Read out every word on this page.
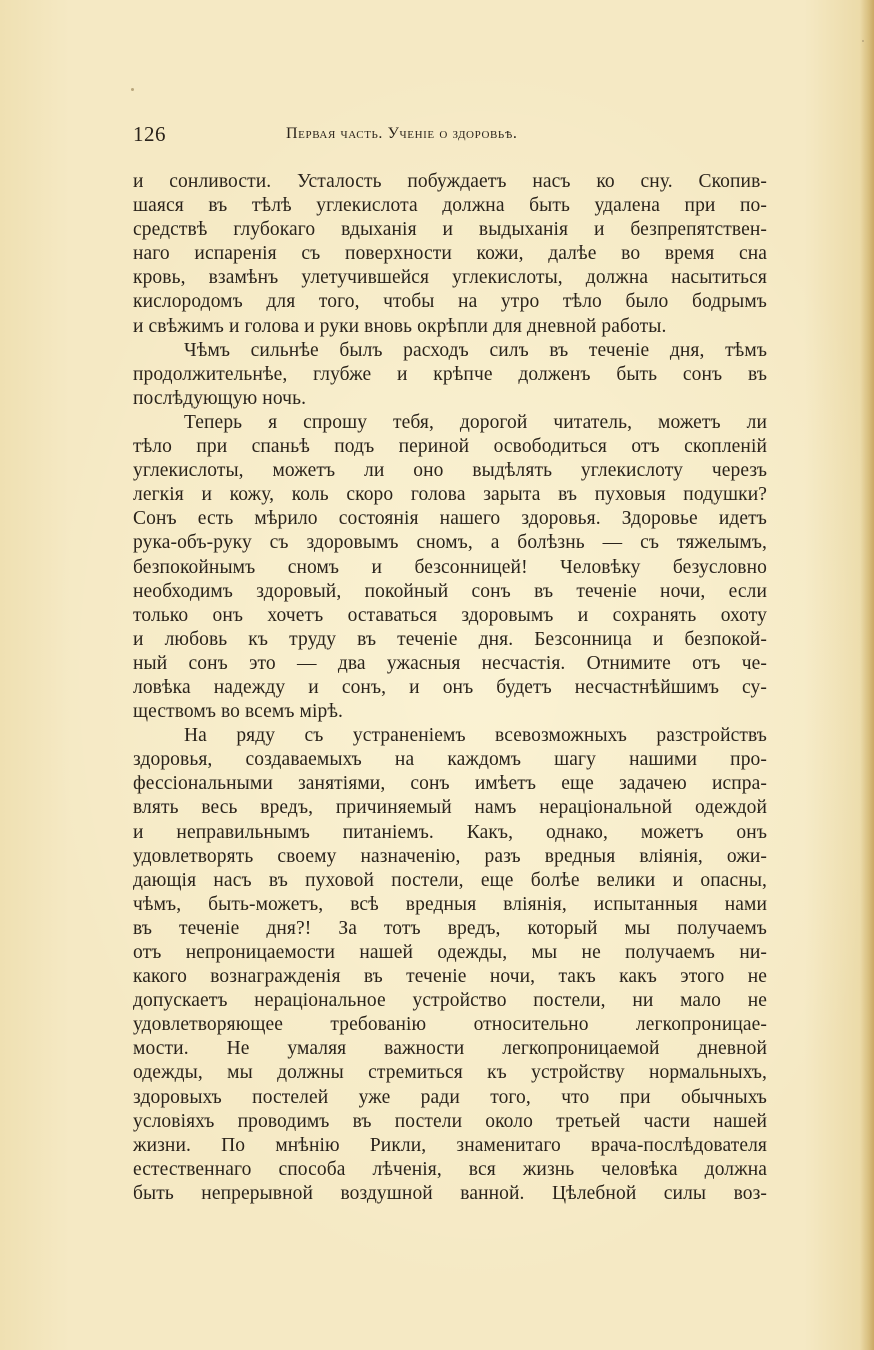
126	Первая часть. Ученіе о здоровьѣ.
и сонливости. Усталость побуждаетъ насъ ко сну. Скопив-
шаяся въ тѣлѣ углекислота должна быть удалена при по-
средствѣ глубокаго вдыханія и выдыханія и безпрепятствен-
наго испаренія съ поверхности кожи, далѣе во время сна
кровь, взамѣнъ улетучившейся углекислоты, должна насытиться
кислородомъ для того, чтобы на утро тѣло было бодрымъ
и свѣжимъ и голова и руки вновь окрѣпли для дневной работы.
Чѣмъ сильнѣе былъ расходъ силъ въ теченіе дня, тѣмъ
продолжительнѣе, глубже и крѣпче долженъ быть сонъ въ
послѣдующую ночь.
Теперь я спрошу тебя, дорогой читатель, можетъ ли
тѣло при спаньѣ подъ периной освободиться отъ скопленій
углекислоты, можетъ ли оно выдѣлять углекислоту черезъ
легкія и кожу, коль скоро голова зарыта въ пуховыя подушки?
Сонъ есть мѣрило состоянія нашего здоровья. Здоровье идетъ
рука-объ-руку съ здоровымъ сномъ, а болѣзнь — съ тяжелымъ,
безпокойнымъ сномъ и безсонницей! Человѣку безусловно
необходимъ здоровый, покойный сонъ въ теченіе ночи, если
только онъ хочетъ оставаться здоровымъ и сохранять охоту
и любовь къ труду въ теченіе дня. Безсонница и безпокой-
ный сонъ это — два ужасныя несчастія. Отнимите отъ че-
ловѣка надежду и сонъ, и онъ будетъ несчастнѣйшимъ су-
ществомъ во всемъ мірѣ.
На ряду съ устраненіемъ всевозможныхъ разстройствъ
здоровья, создаваемыхъ на каждомъ шагу нашими про-
фессіональными занятіями, сонъ имѣетъ еще задачею испра-
влять весь вредъ, причиняемый намъ нераціональной одеждой
и неправильнымъ питаніемъ. Какъ, однако, можетъ онъ
удовлетворять своему назначенію, разъ вредныя вліянія, ожи-
дающія насъ въ пуховой постели, еще болѣе велики и опасны,
чѣмъ, быть-можетъ, всѣ вредныя вліянія, испытанныя нами
въ теченіе дня?! За тотъ вредъ, который мы получаемъ
отъ непроницаемости нашей одежды, мы не получаемъ ни-
какого вознагражденія въ теченіе ночи, такъ какъ этого не
допускаетъ нераціональное устройство постели, ни мало не
удовлетворяющее требованію относительно легкопроницае-
мости. Не умаляя важности легкопроницаемой дневной
одежды, мы должны стремиться къ устройству нормальныхъ,
здоровыхъ постелей уже ради того, что при обычныхъ
условіяхъ проводимъ въ постели около третьей части нашей
жизни. По мнѣнію Рикли, знаменитаго врача-послѣдователя
естественнаго способа лѣченія, вся жизнь человѣка должна
быть непрерывной воздушной ванной. Цѣлебной силы воз-
